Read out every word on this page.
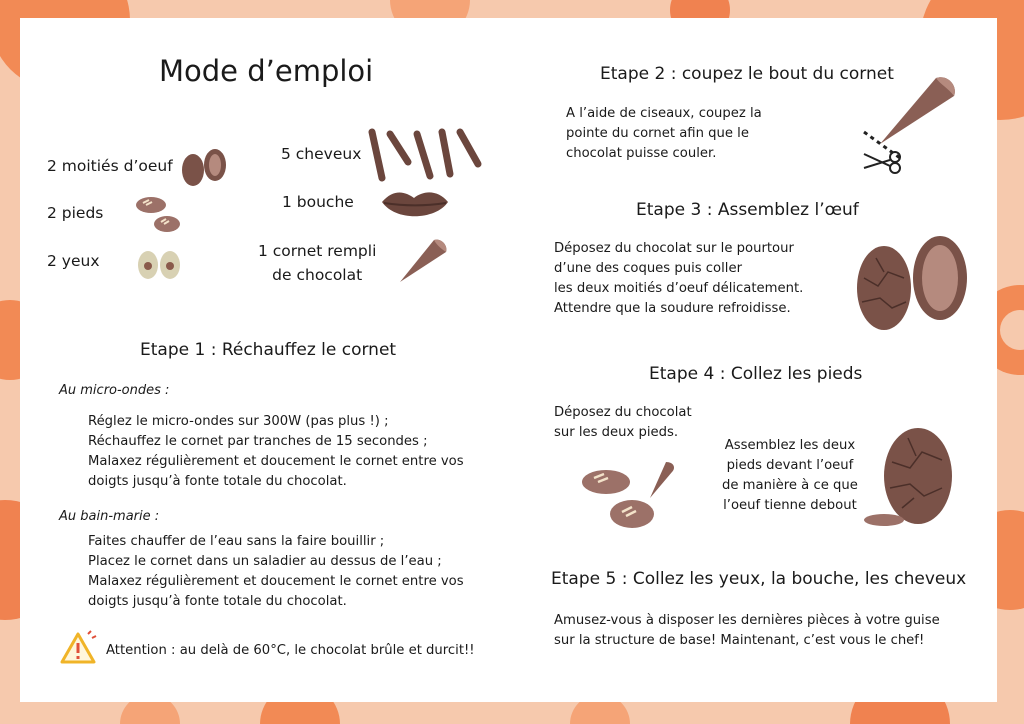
Mode d’emploi
2 moitiés d’oeuf
2 pieds
2 yeux
5 cheveux
1 bouche
1 cornet rempli
de chocolat
Etape 1 : Réchauffez le cornet
Au micro-ondes :
Réglez le micro-ondes sur 300W (pas plus !) ;
Réchauffez le cornet par tranches de 15 secondes ;
Malaxez régulièrement et doucement le cornet entre vos
doigts jusqu’à fonte totale du chocolat.
Au bain-marie :
Faites chauffer de l’eau sans la faire bouillir ;
Placez le cornet dans un saladier au dessus de l’eau ;
Malaxez régulièrement et doucement le cornet entre vos
doigts jusqu’à fonte totale du chocolat.
Attention : au delà de 60°C, le chocolat brûle et durcit!!
Etape 2 : coupez le bout du cornet
A l’aide de ciseaux, coupez la
pointe du cornet afin que le
chocolat puisse couler.
Etape 3 : Assemblez l’œuf
Déposez du chocolat sur le pourtour
d’une des coques puis coller
les deux moitiés d’oeuf délicatement.
Attendre que la soudure refroidisse.
Etape 4 : Collez les pieds
Déposez du chocolat
sur les deux pieds.
Assemblez les deux
pieds devant l’oeuf
de manière à ce que
l’oeuf tienne debout
Etape 5 : Collez les yeux, la bouche, les cheveux
Amusez-vous à disposer les dernières pièces à votre guise
sur la structure de base! Maintenant, c’est vous le chef!
